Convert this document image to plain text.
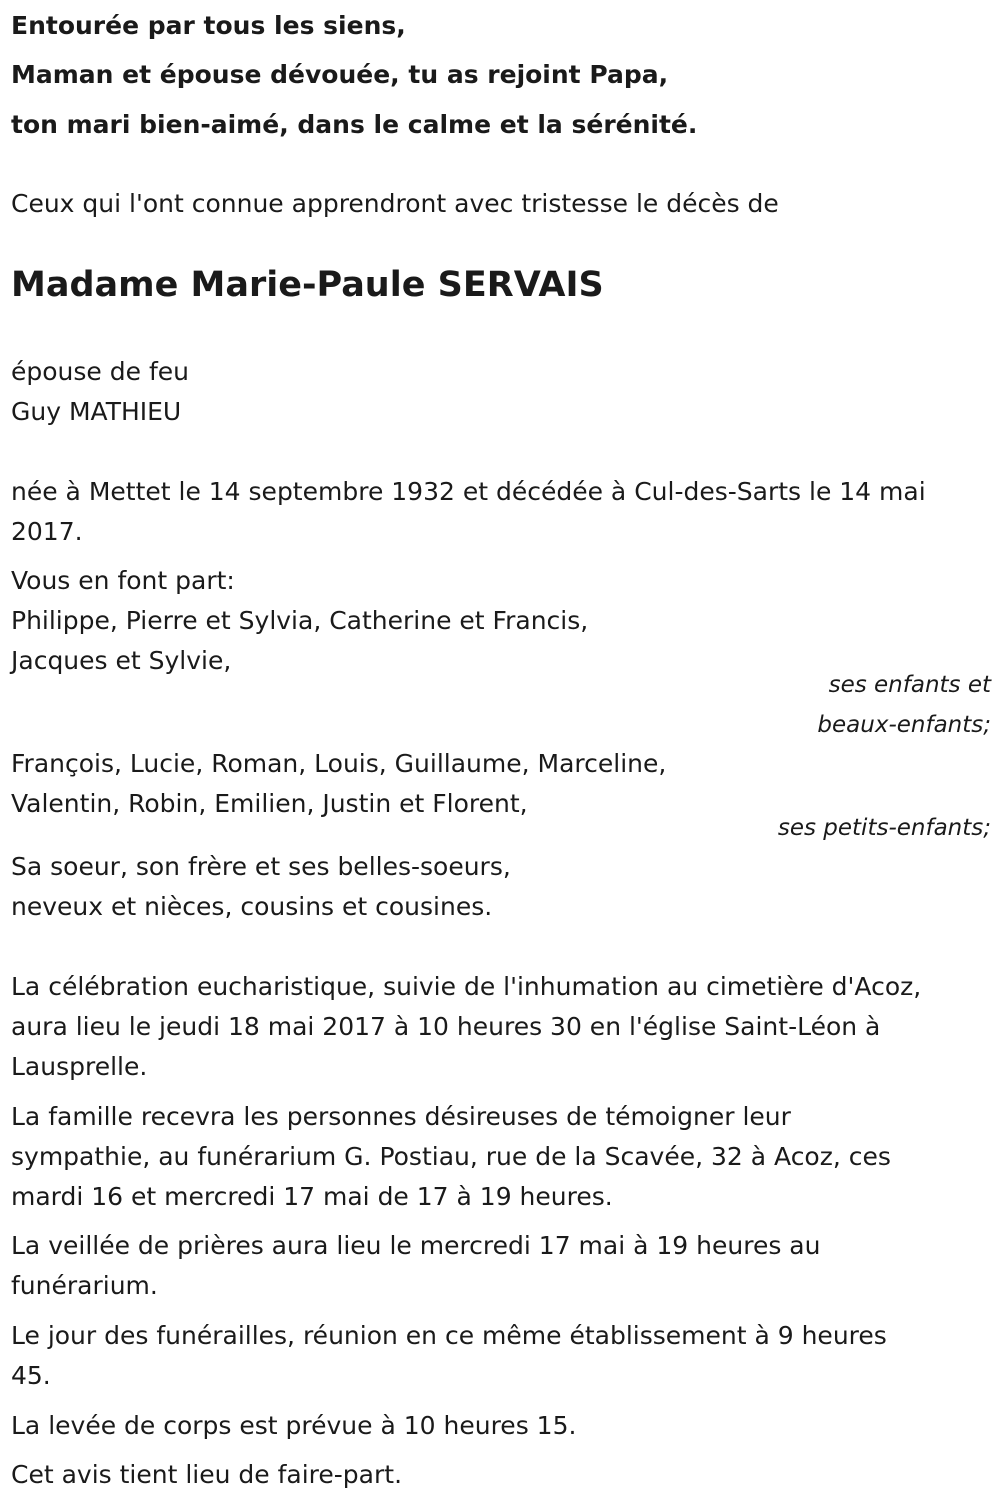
Entourée par tous les siens,
Maman et épouse dévouée, tu as rejoint Papa,
ton mari bien-aimé, dans le calme et la sérénité.
Ceux qui l'ont connue apprendront avec tristesse le décès de
Madame Marie-Paule SERVAIS
épouse de feu
Guy MATHIEU
née à Mettet le 14 septembre 1932 et décédée à Cul-des-Sarts le 14 mai
2017.
Vous en font part:
Philippe, Pierre et Sylvia, Catherine et Francis,
Jacques et Sylvie,
ses enfants et
beaux-enfants;
François, Lucie, Roman, Louis, Guillaume, Marceline,
Valentin, Robin, Emilien, Justin et Florent,
ses petits-enfants;
Sa soeur, son frère et ses belles-soeurs,
neveux et nièces, cousins et cousines.
La célébration eucharistique, suivie de l'inhumation au cimetière d'Acoz,
aura lieu le jeudi 18 mai 2017 à 10 heures 30 en l'église Saint-Léon à
Lausprelle.
La famille recevra les personnes désireuses de témoigner leur
sympathie, au funérarium G. Postiau, rue de la Scavée, 32 à Acoz, ces
mardi 16 et mercredi 17 mai de 17 à 19 heures.
La veillée de prières aura lieu le mercredi 17 mai à 19 heures au
funérarium.
Le jour des funérailles, réunion en ce même établissement à 9 heures
45.
La levée de corps est prévue à 10 heures 15.
Cet avis tient lieu de faire-part.
